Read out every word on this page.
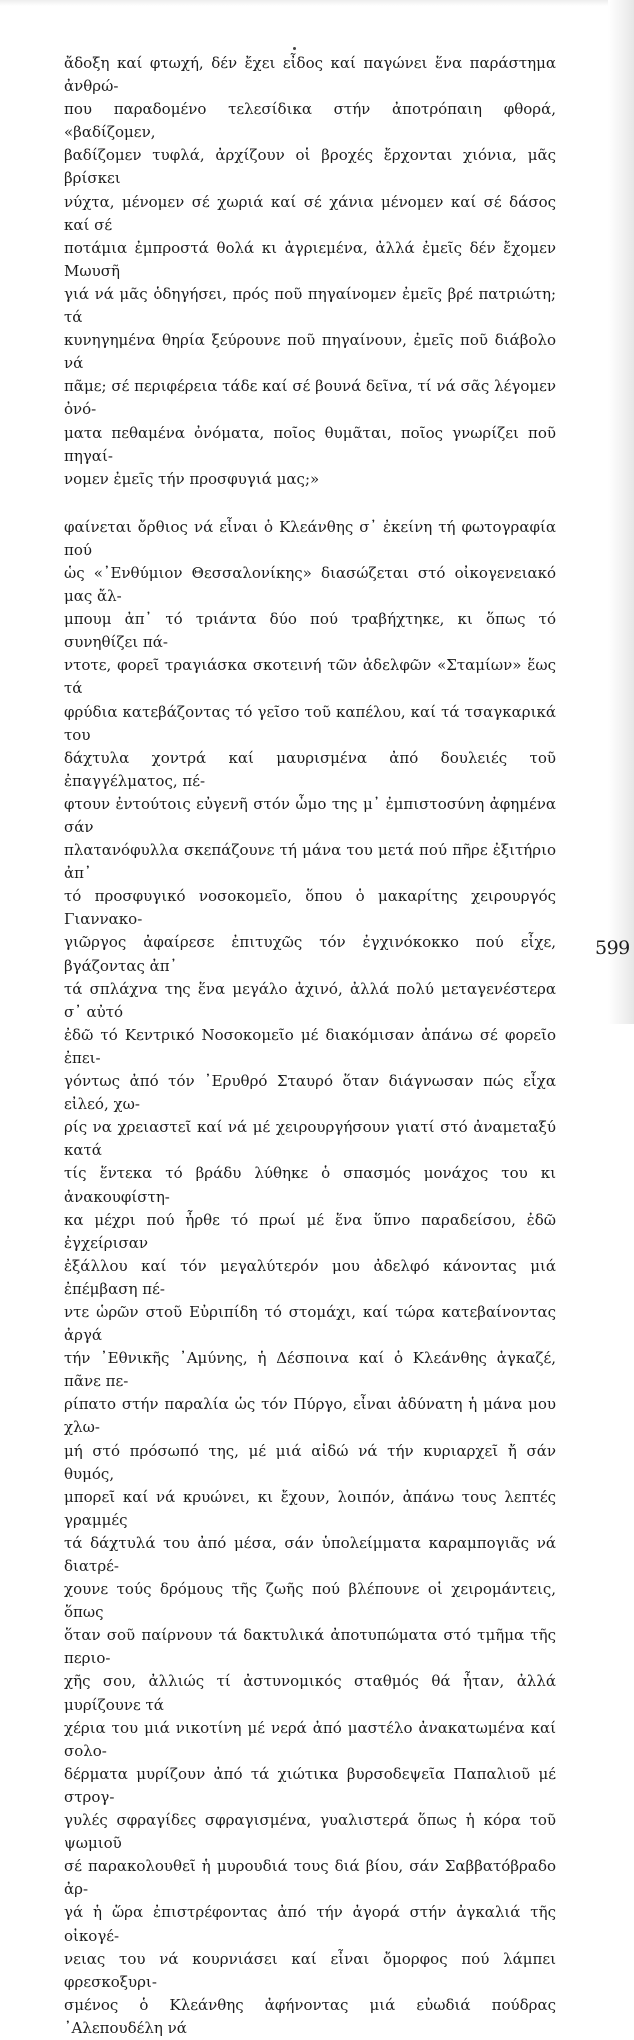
ἄδοξη καί φτωχή, δέν ἔχει εἶδος καί παγώνει ἕνα παράστημα ἀνθρώ-
που παραδομένο τελεσίδικα στήν ἀποτρόπαιη φθορά, «βαδίζομεν,
βαδίζομεν τυφλά, ἀρχίζουν οἱ βροχές ἔρχονται χιόνια, μᾶς βρίσκει
νύχτα, μένομεν σέ χωριά καί σέ χάνια μένομεν καί σέ δάσος καί σέ
ποτάμια ἐμπροστά θολά κι ἀγριεμένα, ἀλλά ἐμεῖς δέν ἔχομεν Μωυσῆ
γιά νά μᾶς ὁδηγήσει, πρός ποῦ πηγαίνομεν ἐμεῖς βρέ πατριώτη; τά
κυνηγημένα θηρία ξεύρουνε ποῦ πηγαίνουν, ἐμεῖς ποῦ διάβολο νά
πᾶμε; σέ περιφέρεια τάδε καί σέ βουνά δεῖνα, τί νά σᾶς λέγομεν ὀνό-
ματα πεθαμένα ὀνόματα, ποῖος θυμᾶται, ποῖος γνωρίζει ποῦ πηγαί-
νομεν ἐμεῖς τήν προσφυγιά μας;»

φαίνεται ὄρθιος νά εἶναι ὁ Κλεάνθης σ᾿ ἐκείνη τή φωτογραφία πού
ὡς «᾿Ενθύμιον Θεσσαλονίκης» διασώζεται στό οἰκογενειακό μας ἄλ-
μπουμ ἀπ᾿ τό τριάντα δύο πού τραβήχτηκε, κι ὅπως τό συνηθίζει πά-
ντοτε, φορεῖ τραγιάσκα σκοτεινή τῶν ἀδελφῶν «Σταμίων» ἕως τά
φρύδια κατεβάζοντας τό γεῖσο τοῦ καπέλου, καί τά τσαγκαρικά του
δάχτυλα χοντρά καί μαυρισμένα ἀπό δουλειές τοῦ ἐπαγγέλματος, πέ-
φτουν ἐντούτοις εὐγενῆ στόν ὦμο της μ᾿ ἐμπιστοσύνη ἀφημένα σάν
πλατανόφυλλα σκεπάζουνε τή μάνα του μετά πού πῆρε ἐξιτήριο ἀπ᾿
τό προσφυγικό νοσοκομεῖο, ὅπου ὁ μακαρίτης χειρουργός Γιαννακο-
γιῶργος ἀφαίρεσε ἐπιτυχῶς τόν ἐγχινόκοκκο πού εἶχε, βγάζοντας ἀπ᾿
τά σπλάχνα της ἕνα μεγάλο ἀχινό, ἀλλά πολύ μεταγενέστερα σ᾿ αὐτό
ἐδῶ τό Κεντρικό Νοσοκομεῖο μέ διακόμισαν ἀπάνω σέ φορεῖο ἐπει-
γόντως ἀπό τόν ᾿Ερυθρό Σταυρό ὅταν διάγνωσαν πώς εἶχα εἰλεό, χω-
ρίς να χρειαστεῖ καί νά μέ χειρουργήσουν γιατί στό ἀναμεταξύ κατά
τίς ἕντεκα τό βράδυ λύθηκε ὁ σπασμός μονάχος του κι ἀνακουφίστη-
κα μέχρι πού ἦρθε τό πρωί μέ ἕνα ὕπνο παραδείσου, ἐδῶ ἐγχείρισαν
ἐξάλλου καί τόν μεγαλύτερόν μου ἀδελφό κάνοντας μιά ἐπέμβαση πέ-
ντε ὡρῶν στοῦ Εὐριπίδη τό στομάχι, καί τώρα κατεβαίνοντας ἀργά
τήν ᾿Εθνικῆς ᾿Αμύνης, ἡ Δέσποινα καί ὁ Κλεάνθης ἀγκαζέ, πᾶνε πε-
ρίπατο στήν παραλία ὡς τόν Πύργο, εἶναι ἀδύνατη ἡ μάνα μου χλω-
μή στό πρόσωπό της, μέ μιά αἰδώ νά τήν κυριαρχεῖ ἤ σάν θυμός,
μπορεῖ καί νά κρυώνει, κι ἔχουν, λοιπόν, ἀπάνω τους λεπτές γραμμές
τά δάχτυλά του ἀπό μέσα, σάν ὑπολείμματα καραμπογιᾶς νά διατρέ-
χουνε τούς δρόμους τῆς ζωῆς πού βλέπουνε οἱ χειρομάντεις, ὅπως
ὅταν σοῦ παίρνουν τά δακτυλικά ἀποτυπώματα στό τμῆμα τῆς περιο-
χῆς σου, ἀλλιώς τί ἀστυνομικός σταθμός θά ἦταν, ἀλλά μυρίζουνε τά
χέρια του μιά νικοτίνη μέ νερά ἀπό μαστέλο ἀνακατωμένα καί σολο-
δέρματα μυρίζουν ἀπό τά χιώτικα βυρσοδεψεῖα Παπαλιοῦ μέ στρογ-
γυλές σφραγίδες σφραγισμένα, γυαλιστερά ὅπως ἡ κόρα τοῦ ψωμιοῦ
σέ παρακολουθεῖ ἡ μυρουδιά τους διά βίου, σάν Σαββατόβραδο ἀρ-
γά ἡ ὥρα ἐπιστρέφοντας ἀπό τήν ἀγορά στήν ἀγκαλιά τῆς οἰκογέ-
νειας του νά κουρνιάσει καί εἶναι ὄμορφος πού λάμπει φρεσκοξυρι-
σμένος ὁ Κλεάνθης ἀφήνοντας μιά εὐωδιά πούδρας ᾿Αλεπουδέλη νά

599
